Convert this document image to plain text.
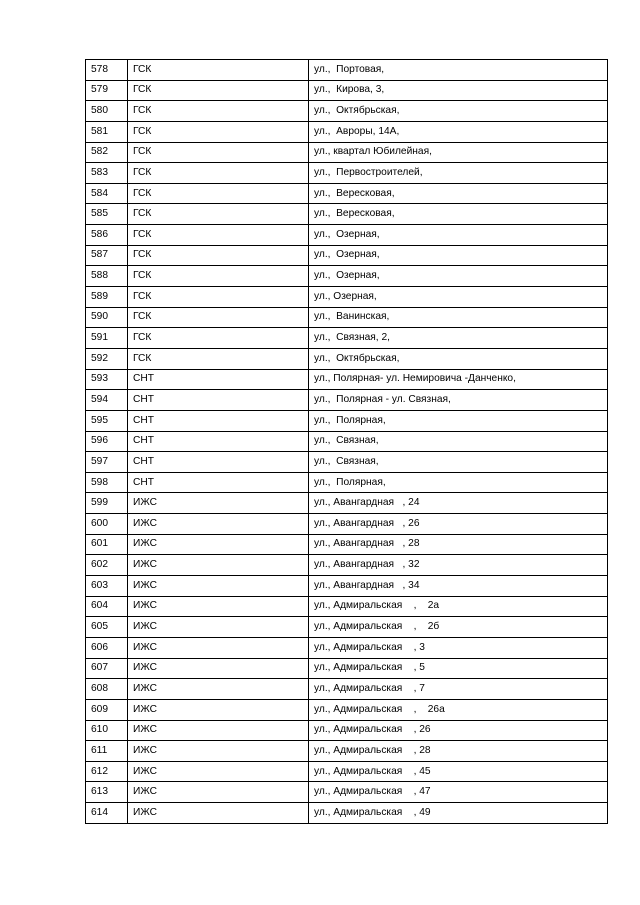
578	ГСК	ул.,  Портовая,
579	ГСК	ул.,  Кирова, 3,
580	ГСК	ул.,  Октябрьская,
581	ГСК	ул.,  Авроры, 14А,
582	ГСК	ул., квартал Юбилейная,
583	ГСК	ул.,  Первостроителей,
584	ГСК	ул.,  Вересковая,
585	ГСК	ул.,  Вересковая,
586	ГСК	ул.,  Озерная,
587	ГСК	ул.,  Озерная,
588	ГСК	ул.,  Озерная,
589	ГСК	ул., Озерная,
590	ГСК	ул.,  Ванинская,
591	ГСК	ул.,  Связная, 2,
592	ГСК	ул.,  Октябрьская,
593	СНТ	ул., Полярная- ул. Немировича -Данченко,
594	СНТ	ул.,  Полярная - ул. Связная,
595	СНТ	ул.,  Полярная,
596	СНТ	ул.,  Связная,
597	СНТ	ул.,  Связная,
598	СНТ	ул.,  Полярная,
599	ИЖС	ул., Авангардная   , 24
600	ИЖС	ул., Авангардная   , 26
601	ИЖС	ул., Авангардная   , 28
602	ИЖС	ул., Авангардная   , 32
603	ИЖС	ул., Авангардная   , 34
604	ИЖС	ул., Адмиральская    ,    2а
605	ИЖС	ул., Адмиральская    ,    2б
606	ИЖС	ул., Адмиральская    , 3
607	ИЖС	ул., Адмиральская    , 5
608	ИЖС	ул., Адмиральская    , 7
609	ИЖС	ул., Адмиральская    ,    26а
610	ИЖС	ул., Адмиральская    , 26
611	ИЖС	ул., Адмиральская    , 28
612	ИЖС	ул., Адмиральская    , 45
613	ИЖС	ул., Адмиральская    , 47
614	ИЖС	ул., Адмиральская    , 49
